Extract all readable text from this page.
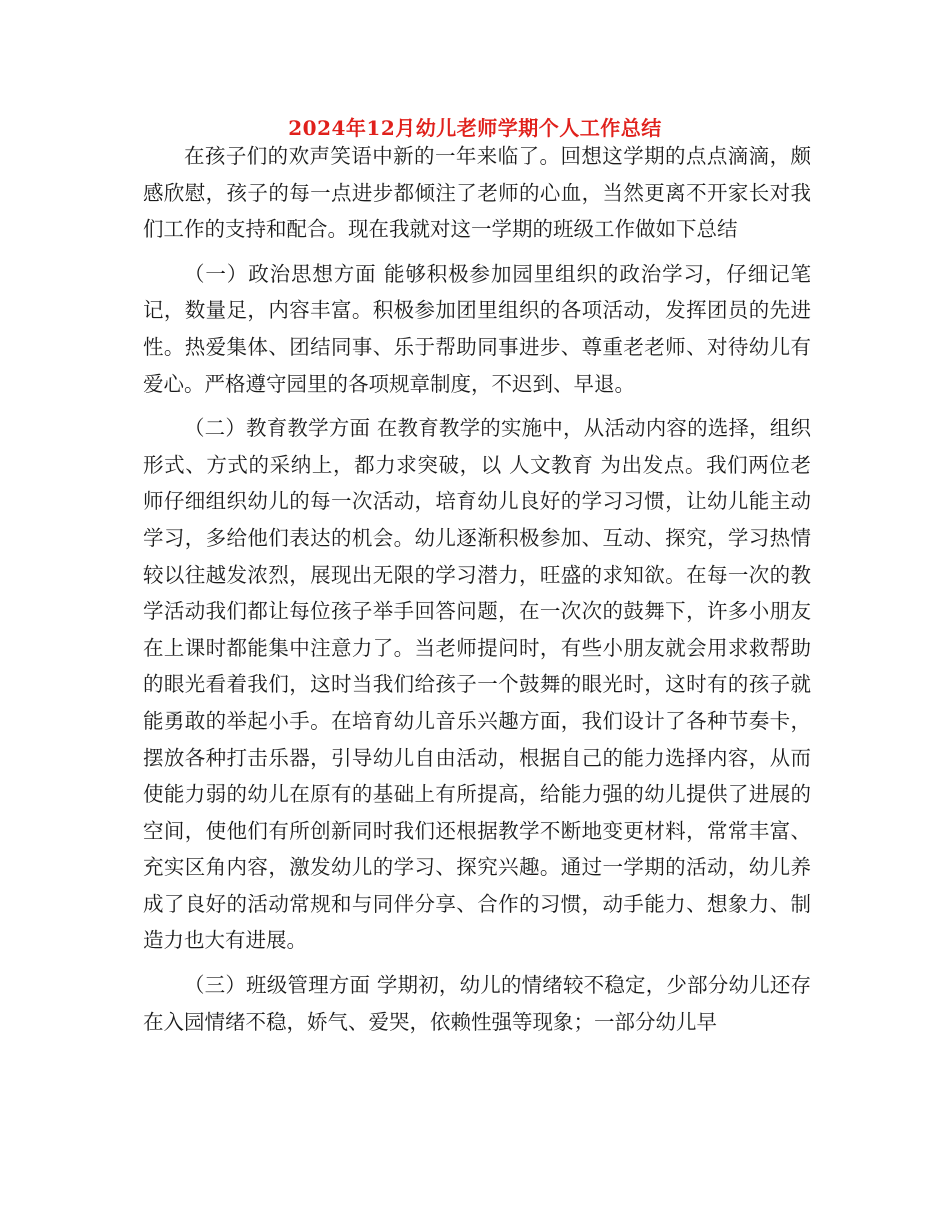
2024年12月幼儿老师学期个人工作总结

在孩子们的欢声笑语中新的一年来临了。回想这学期的点点滴滴，颇感欣慰，孩子的每一点进步都倾注了老师的心血，当然更离不开家长对我们工作的支持和配合。现在我就对这一学期的班级工作做如下总结

（一）政治思想方面 能够积极参加园里组织的政治学习，仔细记笔记，数量足，内容丰富。积极参加团里组织的各项活动，发挥团员的先进性。热爱集体、团结同事、乐于帮助同事进步、尊重老老师、对待幼儿有爱心。严格遵守园里的各项规章制度，不迟到、早退。

（二）教育教学方面 在教育教学的实施中，从活动内容的选择，组织形式、方式的采纳上，都力求突破，以 人文教育 为出发点。我们两位老师仔细组织幼儿的每一次活动，培育幼儿良好的学习习惯，让幼儿能主动学习，多给他们表达的机会。幼儿逐渐积极参加、互动、探究，学习热情较以往越发浓烈，展现出无限的学习潜力，旺盛的求知欲。在每一次的教学活动我们都让每位孩子举手回答问题，在一次次的鼓舞下，许多小朋友在上课时都能集中注意力了。当老师提问时，有些小朋友就会用求救帮助的眼光看着我们，这时当我们给孩子一个鼓舞的眼光时，这时有的孩子就能勇敢的举起小手。在培育幼儿音乐兴趣方面，我们设计了各种节奏卡，摆放各种打击乐器，引导幼儿自由活动，根据自己的能力选择内容，从而使能力弱的幼儿在原有的基础上有所提高，给能力强的幼儿提供了进展的空间，使他们有所创新同时我们还根据教学不断地变更材料，常常丰富、充实区角内容，激发幼儿的学习、探究兴趣。通过一学期的活动，幼儿养成了良好的活动常规和与同伴分享、合作的习惯，动手能力、想象力、制造力也大有进展。

（三）班级管理方面 学期初，幼儿的情绪较不稳定，少部分幼儿还存在入园情绪不稳，娇气、爱哭，依赖性强等现象；一部分幼儿早
